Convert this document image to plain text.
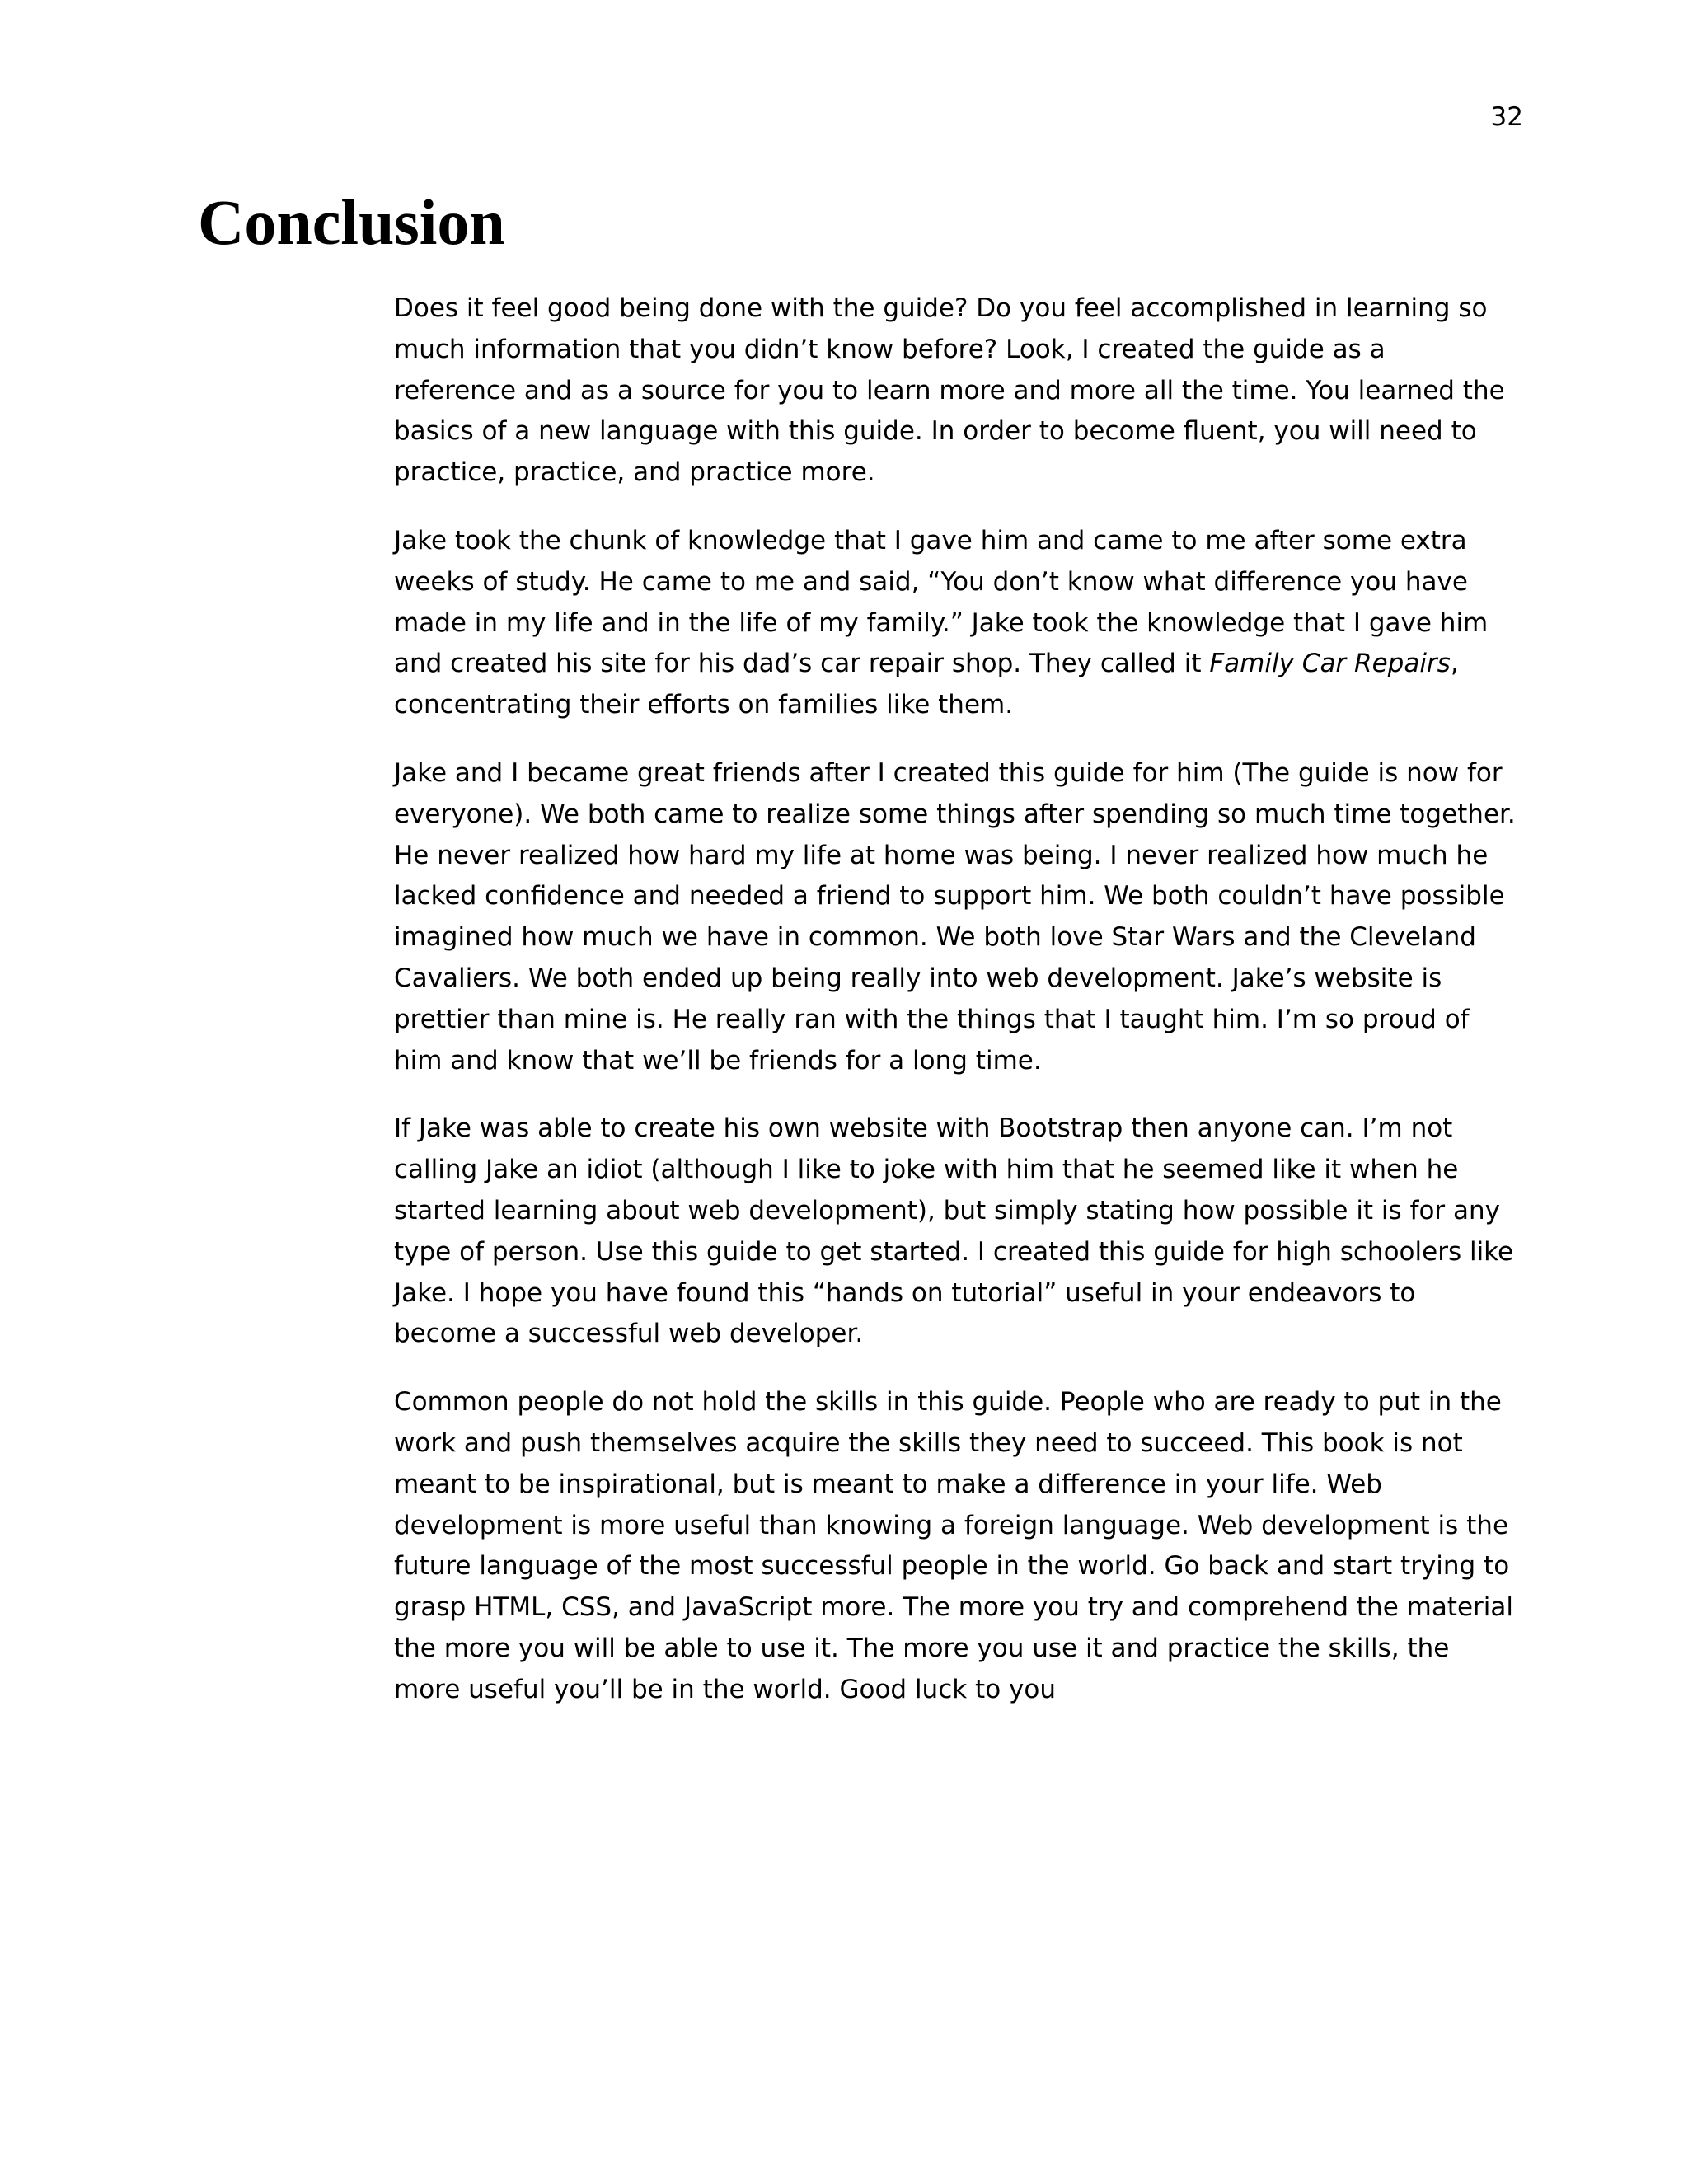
32
Conclusion

Does it feel good being done with the guide? Do you feel accomplished in learning so
much information that you didn’t know before? Look, I created the guide as a
reference and as a source for you to learn more and more all the time. You learned the
basics of a new language with this guide. In order to become fluent, you will need to
practice, practice, and practice more.

Jake took the chunk of knowledge that I gave him and came to me after some extra
weeks of study. He came to me and said, “You don’t know what difference you have
made in my life and in the life of my family.” Jake took the knowledge that I gave him
and created his site for his dad’s car repair shop. They called it Family Car Repairs,
concentrating their efforts on families like them.

Jake and I became great friends after I created this guide for him (The guide is now for
everyone). We both came to realize some things after spending so much time together.
He never realized how hard my life at home was being. I never realized how much he
lacked confidence and needed a friend to support him. We both couldn’t have possible
imagined how much we have in common. We both love Star Wars and the Cleveland
Cavaliers. We both ended up being really into web development. Jake’s website is
prettier than mine is. He really ran with the things that I taught him. I’m so proud of
him and know that we’ll be friends for a long time.

If Jake was able to create his own website with Bootstrap then anyone can. I’m not
calling Jake an idiot (although I like to joke with him that he seemed like it when he
started learning about web development), but simply stating how possible it is for any
type of person. Use this guide to get started. I created this guide for high schoolers like
Jake. I hope you have found this “hands on tutorial” useful in your endeavors to
become a successful web developer.

Common people do not hold the skills in this guide. People who are ready to put in the
work and push themselves acquire the skills they need to succeed. This book is not
meant to be inspirational, but is meant to make a difference in your life. Web
development is more useful than knowing a foreign language. Web development is the
future language of the most successful people in the world. Go back and start trying to
grasp HTML, CSS, and JavaScript more. The more you try and comprehend the material
the more you will be able to use it. The more you use it and practice the skills, the
more useful you’ll be in the world. Good luck to you
